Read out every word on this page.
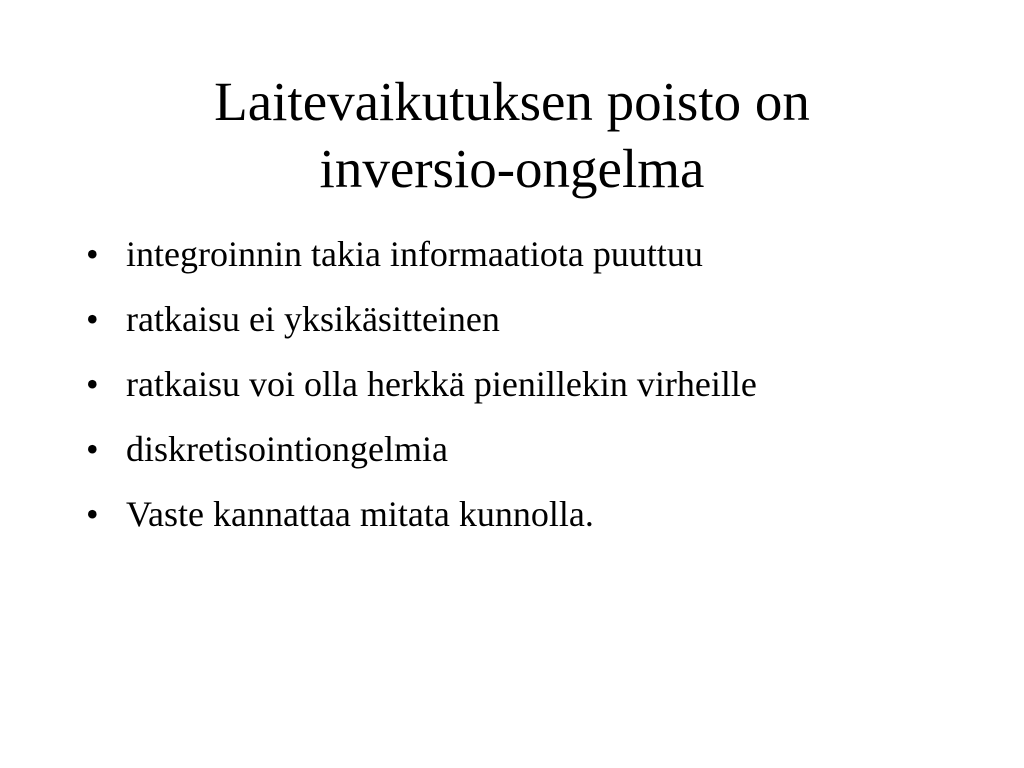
Laitevaikutuksen poisto on
inversio-ongelma
• integroinnin takia informaatiota puuttuu
• ratkaisu ei yksikäsitteinen
• ratkaisu voi olla herkkä pienillekin virheille
• diskretisointiongelmia
• Vaste kannattaa mitata kunnolla.
